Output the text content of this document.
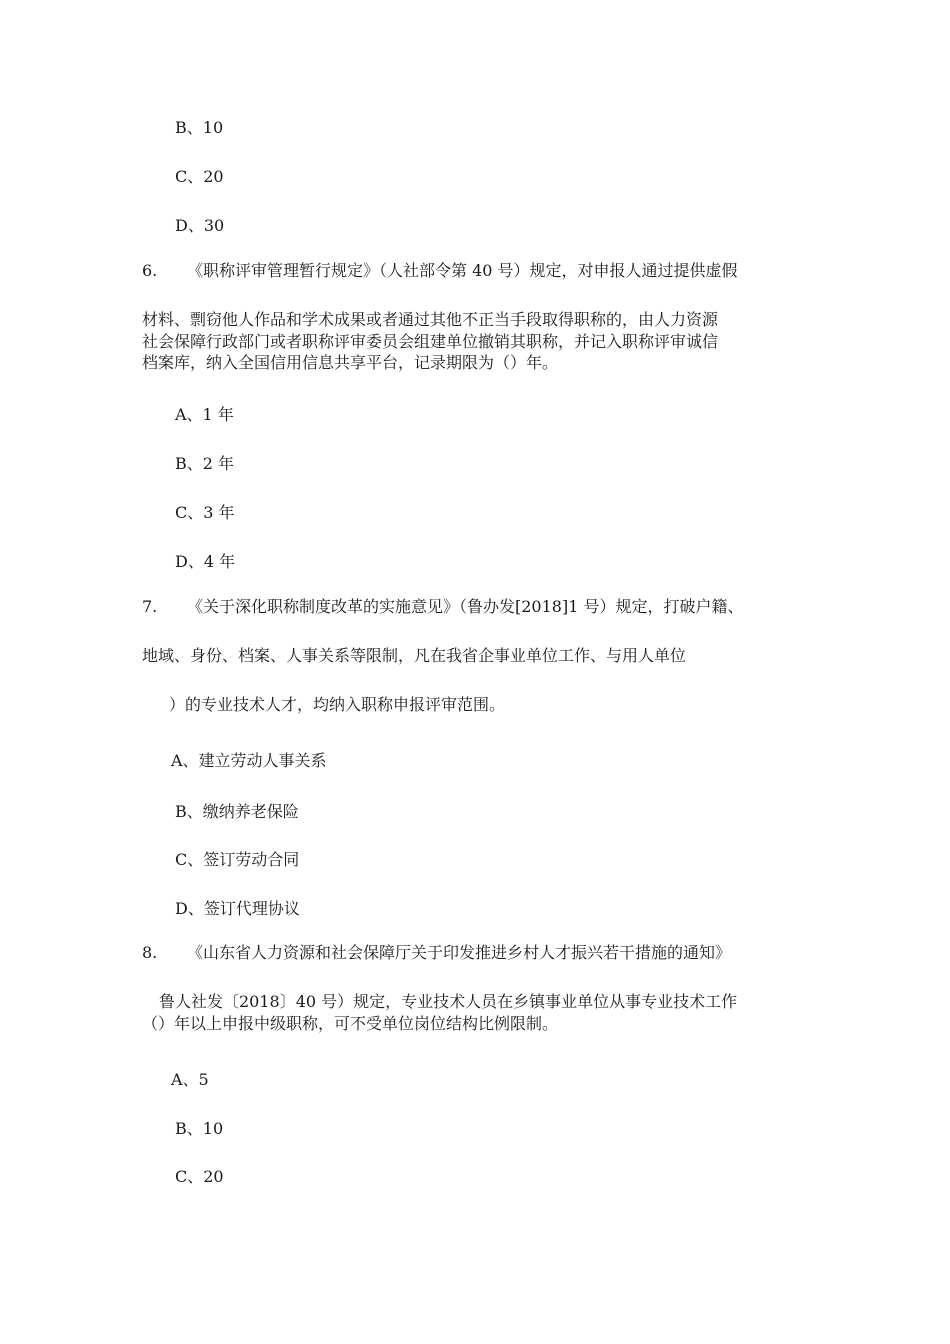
B、10
C、20
D、30
6. 《职称评审管理暂行规定》（人社部令第 40 号）规定，对申报人通过提供虚假
材料、剽窃他人作品和学术成果或者通过其他不正当手段取得职称的，由人力资源
社会保障行政部门或者职称评审委员会组建单位撤销其职称，并记入职称评审诚信
档案库，纳入全国信用信息共享平台，记录期限为（）年。
A、1 年
B、2 年
C、3 年
D、4 年
7. 《关于深化职称制度改革的实施意见》（鲁办发[2018]1 号）规定，打破户籍、
地域、身份、档案、人事关系等限制，凡在我省企事业单位工作、与用人单位
）的专业技术人才，均纳入职称申报评审范围。
A、建立劳动人事关系
B、缴纳养老保险
C、签订劳动合同
D、签订代理协议
8. 《山东省人力资源和社会保障厅关于印发推进乡村人才振兴若干措施的通知》
鲁人社发〔2018〕40 号）规定，专业技术人员在乡镇事业单位从事专业技术工作
（）年以上申报中级职称，可不受单位岗位结构比例限制。
A、5
B、10
C、20
